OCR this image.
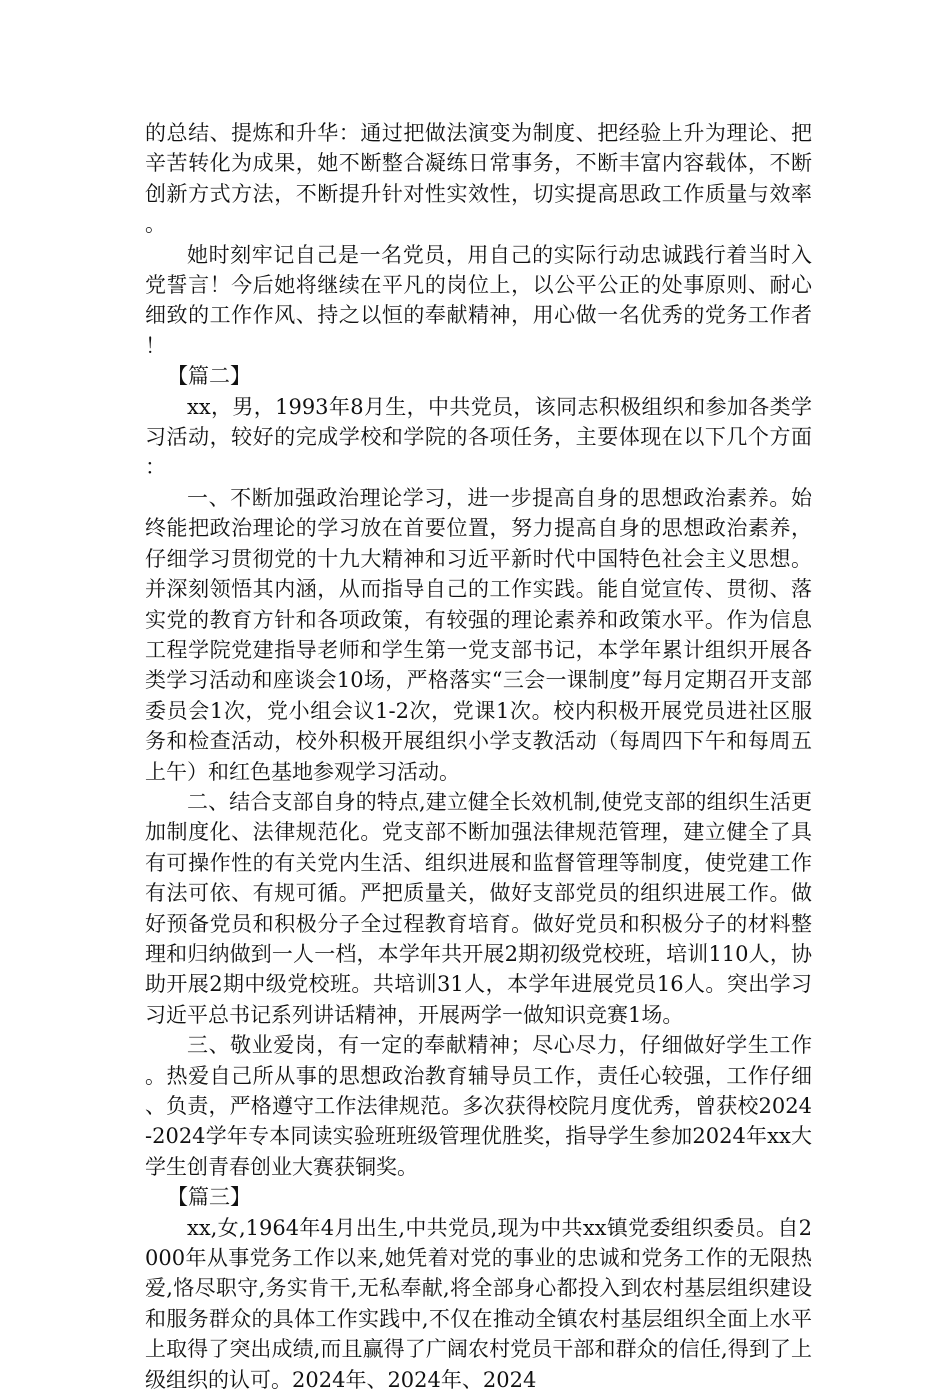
的总结、提炼和升华：通过把做法演变为制度、把经验上升为理论、把辛苦转化为成果，她不断整合凝练日常事务，不断丰富内容载体，不断创新方式方法，不断提升针对性实效性，切实提高思政工作质量与效率。

她时刻牢记自己是一名党员，用自己的实际行动忠诚践行着当时入党誓言！今后她将继续在平凡的岗位上，以公平公正的处事原则、耐心细致的工作作风、持之以恒的奉献精神，用心做一名优秀的党务工作者！

【篇二】

xx，男，1993年8月生，中共党员，该同志积极组织和参加各类学习活动，较好的完成学校和学院的各项任务，主要体现在以下几个方面：

一、不断加强政治理论学习，进一步提高自身的思想政治素养。始终能把政治理论的学习放在首要位置，努力提高自身的思想政治素养，仔细学习贯彻党的十九大精神和习近平新时代中国特色社会主义思想。并深刻领悟其内涵，从而指导自己的工作实践。能自觉宣传、贯彻、落实党的教育方针和各项政策，有较强的理论素养和政策水平。作为信息工程学院党建指导老师和学生第一党支部书记，本学年累计组织开展各类学习活动和座谈会10场，严格落实“三会一课制度”每月定期召开支部委员会1次，党小组会议1-2次，党课1次。校内积极开展党员进社区服务和检查活动，校外积极开展组织小学支教活动（每周四下午和每周五上午）和红色基地参观学习活动。

二、结合支部自身的特点,建立健全长效机制,使党支部的组织生活更加制度化、法律规范化。党支部不断加强法律规范管理，建立健全了具有可操作性的有关党内生活、组织进展和监督管理等制度，使党建工作有法可依、有规可循。严把质量关，做好支部党员的组织进展工作。做好预备党员和积极分子全过程教育培育。做好党员和积极分子的材料整理和归纳做到一人一档，本学年共开展2期初级党校班，培训110人，协助开展2期中级党校班。共培训31人，本学年进展党员16人。突出学习习近平总书记系列讲话精神，开展两学一做知识竞赛1场。

三、敬业爱岗，有一定的奉献精神；尽心尽力，仔细做好学生工作。热爱自己所从事的思想政治教育辅导员工作，责任心较强，工作仔细、负责，严格遵守工作法律规范。多次获得校院月度优秀，曾获校2024-2024学年专本同读实验班班级管理优胜奖，指导学生参加2024年xx大学生创青春创业大赛获铜奖。

【篇三】

xx,女,1964年4月出生,中共党员,现为中共xx镇党委组织委员。自2000年从事党务工作以来,她凭着对党的事业的忠诚和党务工作的无限热爱,恪尽职守,务实肯干,无私奉献,将全部身心都投入到农村基层组织建设和服务群众的具体工作实践中,不仅在推动全镇农村基层组织全面上水平上取得了突出成绩,而且赢得了广阔农村党员干部和群众的信任,得到了上级组织的认可。2024年、2024年、2024
